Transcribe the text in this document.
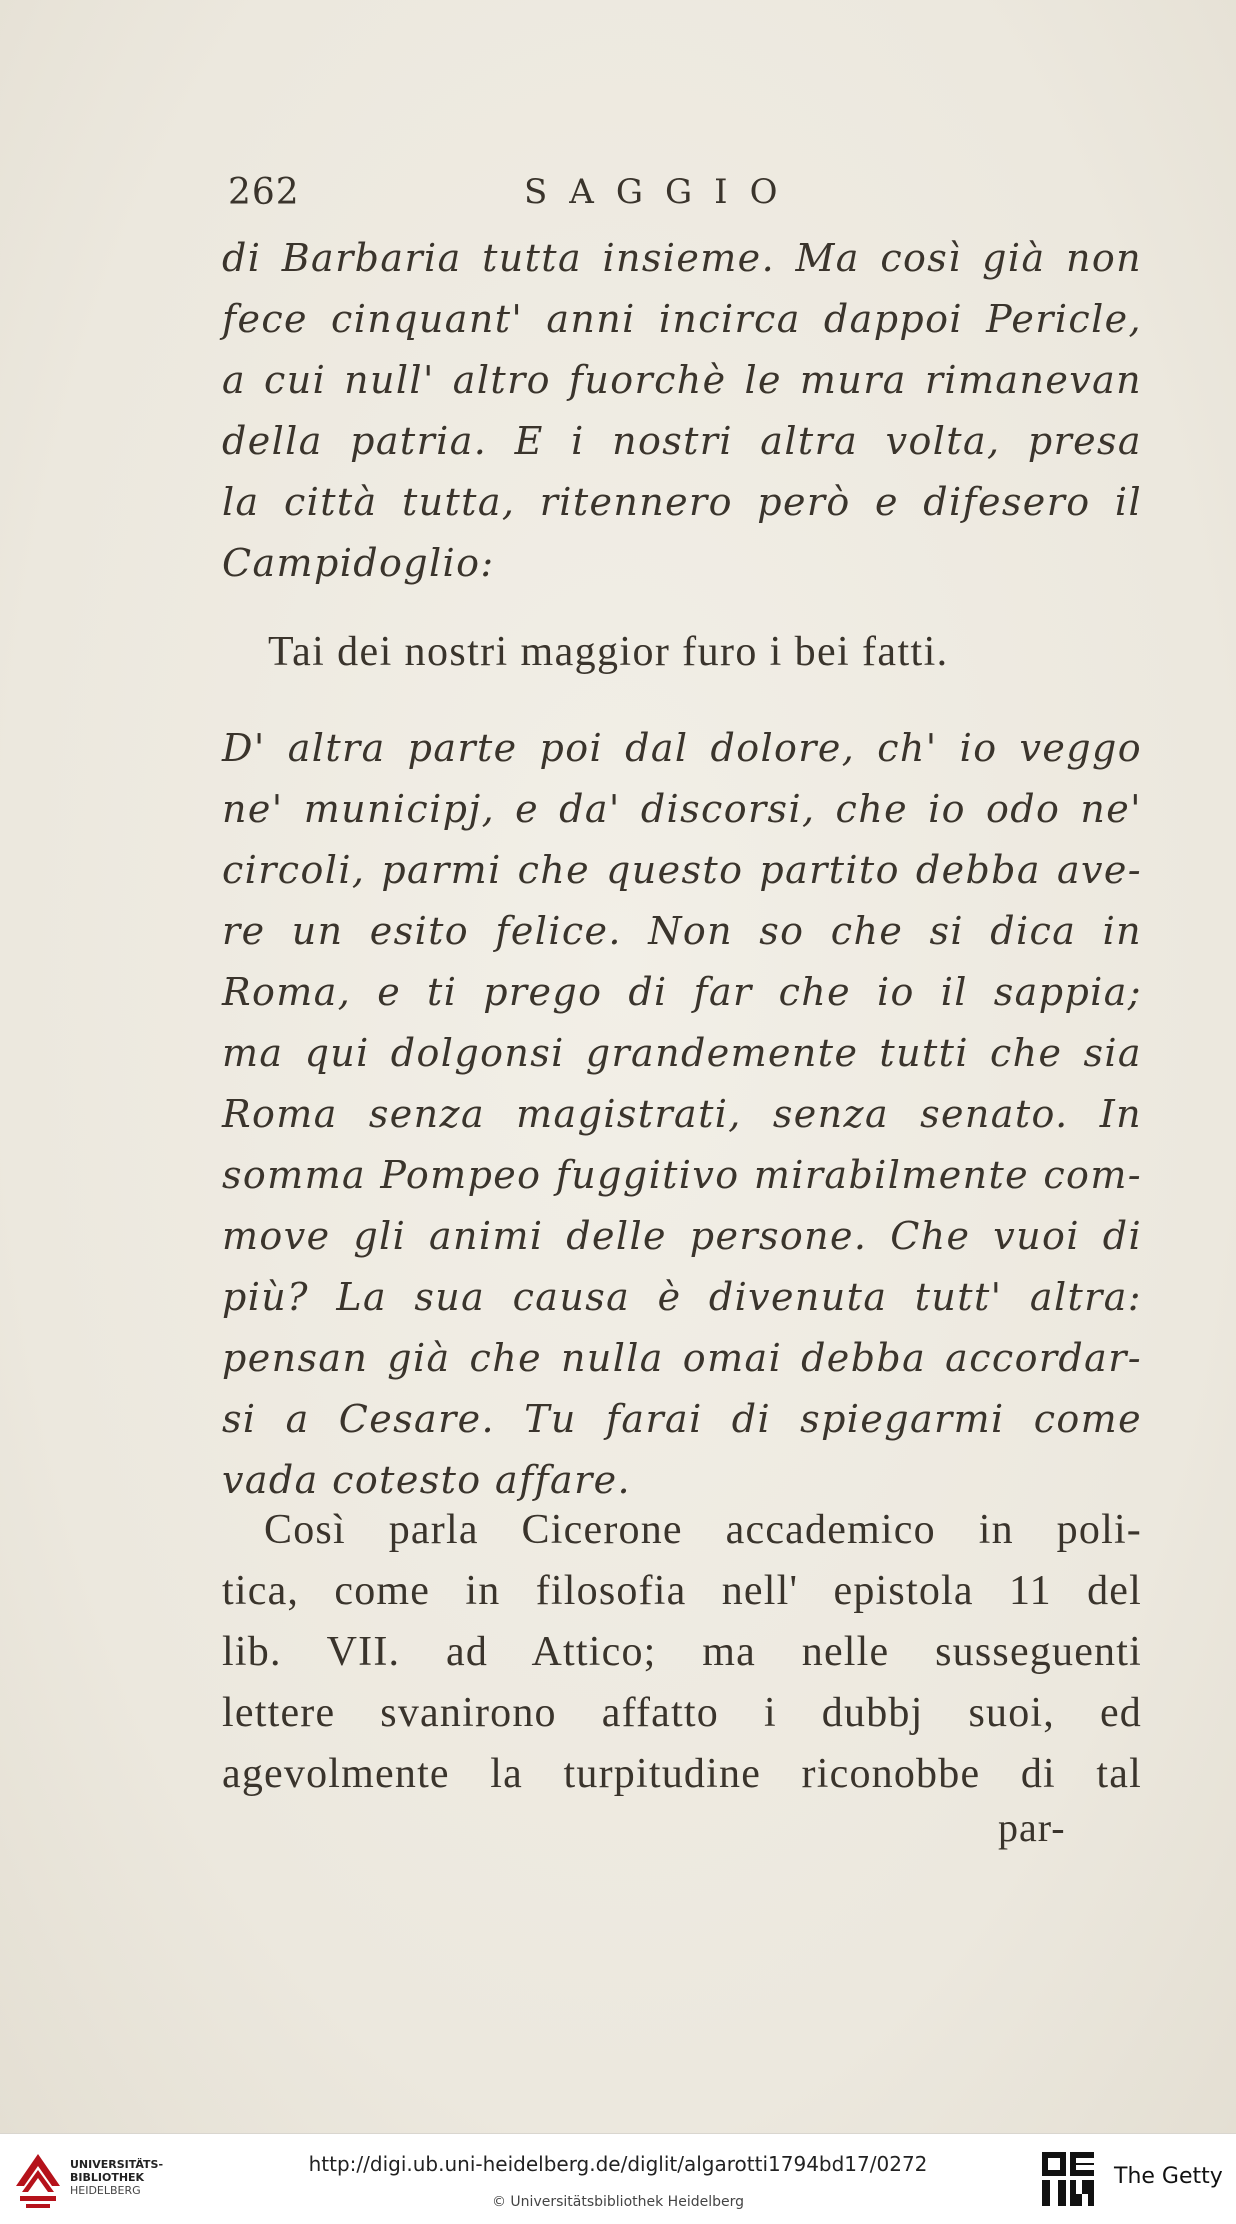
262	SAGGIO
di Barbaria tutta insieme. Ma così già non
fece cinquant' anni incirca dappoi Pericle,
a cui null' altro fuorchè le mura rimanevan
della patria. E i nostri altra volta, presa
la città tutta, ritennero però e difesero il
Campidoglio:
Tai dei nostri maggior furo i bei fatti.
D' altra parte poi dal dolore, ch' io veggo
ne' municipj, e da' discorsi, che io odo ne'
circoli, parmi che questo partito debba ave-
re un esito felice. Non so che si dica in
Roma, e ti prego di far che io il sappia;
ma qui dolgonsi grandemente tutti che sia
Roma senza magistrati, senza senato. In
somma Pompeo fuggitivo mirabilmente com-
move gli animi delle persone. Che vuoi di
più? La sua causa è divenuta tutt' altra:
pensan già che nulla omai debba accordar-
si a Cesare. Tu farai di spiegarmi come
vada cotesto affare.
Così parla Cicerone accademico in poli-
tica, come in filosofia nell' epistola 11 del
lib. VII. ad Attico; ma nelle susseguenti
lettere svanirono affatto i dubbj suoi, ed
agevolmente la turpitudine riconobbe di tal
par-
UNIVERSITÄTS-
BIBLIOTHEK
HEIDELBERG
http://digi.ub.uni-heidelberg.de/diglit/algarotti1794bd17/0272
© Universitätsbibliothek Heidelberg
The Getty
